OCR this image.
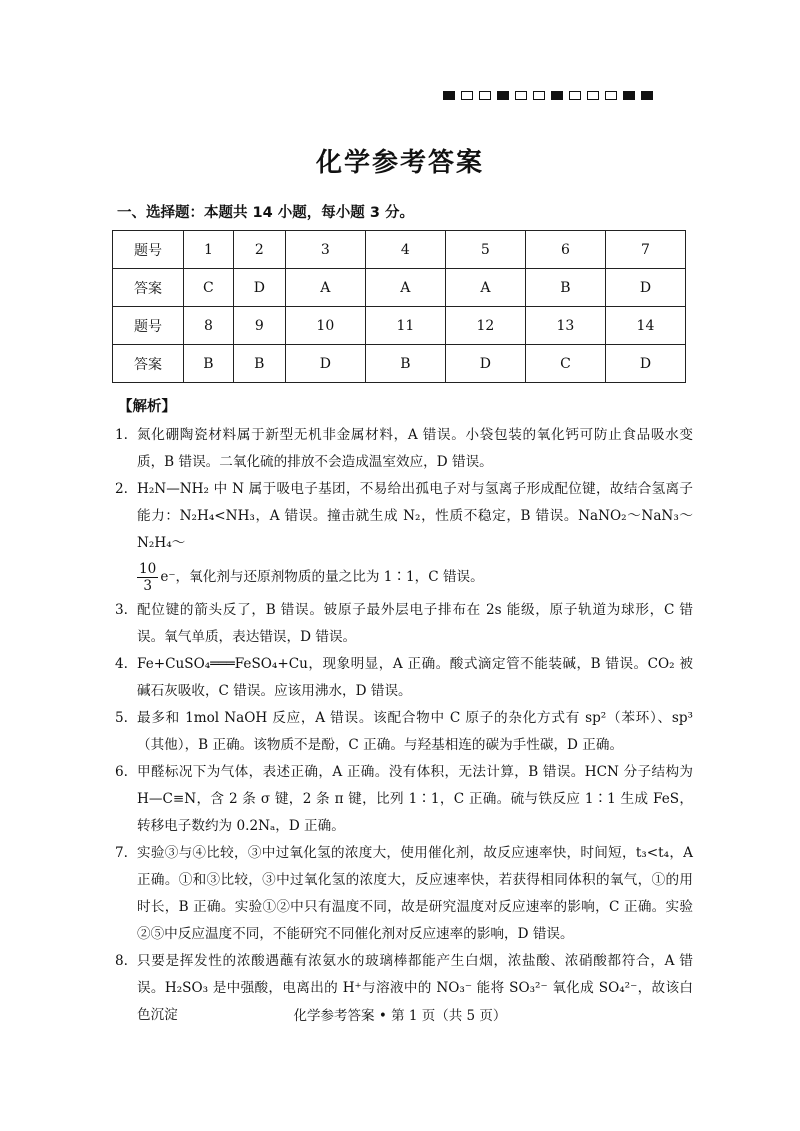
化学参考答案
一、选择题：本题共 14 小题，每小题 3 分。
题号	1	2	3	4	5	6	7
答案	C	D	A	A	A	B	D
题号	8	9	10	11	12	13	14
答案	B	B	D	B	D	C	D
【解析】
1. 氮化硼陶瓷材料属于新型无机非金属材料，A 错误。小袋包装的氧化钙可防止食品吸水变质，B 错误。二氧化硫的排放不会造成温室效应，D 错误。
2. H₂N—NH₂ 中 N 属于吸电子基团，不易给出孤电子对与氢离子形成配位键，故结合氢离子能力：N₂H₄<NH₃，A 错误。撞击就生成 N₂，性质不稳定，B 错误。NaNO₂～NaN₃～N₂H₄～
$\frac{10}{3} e^-$，氧化剂与还原剂物质的量之比为 1∶1，C 错误。
3. 配位键的箭头反了，B 错误。铍原子最外层电子排布在 2s 能级，原子轨道为球形，C 错误。氧气单质，表达错误，D 错误。
4. Fe+CuSO₄═══FeSO₄+Cu，现象明显，A 正确。酸式滴定管不能装碱，B 错误。CO₂ 被碱石灰吸收，C 错误。应该用沸水，D 错误。
5. 最多和 1mol NaOH 反应，A 错误。该配合物中 C 原子的杂化方式有 sp²（苯环）、sp³（其他），B 正确。该物质不是酚，C 正确。与羟基相连的碳为手性碳，D 正确。
6. 甲醛标况下为气体，表述正确，A 正确。没有体积，无法计算，B 错误。HCN 分子结构为 H—C≡N，含 2 条 σ 键，2 条 π 键，比列 1∶1，C 正确。硫与铁反应 1∶1 生成 FeS，转移电子数约为 0.2Nₐ，D 正确。
7. 实验③与④比较，③中过氧化氢的浓度大，使用催化剂，故反应速率快，时间短，t₃<t₄，A 正确。①和③比较，③中过氧化氢的浓度大，反应速率快，若获得相同体积的氧气，①的用时长，B 正确。实验①②中只有温度不同，故是研究温度对反应速率的影响，C 正确。实验②⑤中反应温度不同，不能研究不同催化剂对反应速率的影响，D 错误。
8. 只要是挥发性的浓酸遇蘸有浓氨水的玻璃棒都能产生白烟，浓盐酸、浓硝酸都符合，A 错误。H₂SO₃ 是中强酸，电离出的 H⁺与溶液中的 NO₃⁻ 能将 SO₃²⁻ 氧化成 SO₄²⁻，故该白色沉淀	化学参考答案 • 第 1 页（共 5 页）
